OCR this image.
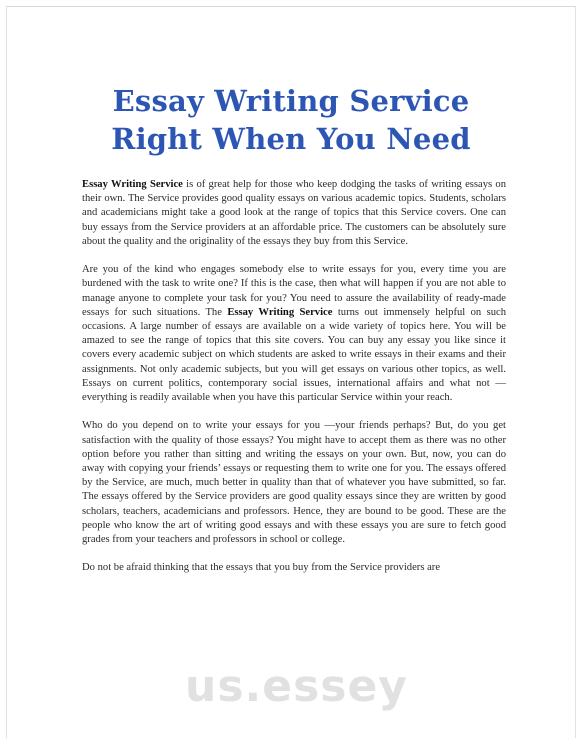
Essay Writing Service
Right When You Need

Essay Writing Service is of great help for those who keep dodging the tasks of writing essays on their own. The Service provides good quality essays on various academic topics. Students, scholars and academicians might take a good look at the range of topics that this Service covers. One can buy essays from the Service providers at an affordable price. The customers can be absolutely sure about the quality and the originality of the essays they buy from this Service.

Are you of the kind who engages somebody else to write essays for you, every time you are burdened with the task to write one? If this is the case, then what will happen if you are not able to manage anyone to complete your task for you? You need to assure the availability of ready-made essays for such situations. The Essay Writing Service turns out immensely helpful on such occasions. A large number of essays are available on a wide variety of topics here. You will be amazed to see the range of topics that this site covers. You can buy any essay you like since it covers every academic subject on which students are asked to write essays in their exams and their assignments. Not only academic subjects, but you will get essays on various other topics, as well. Essays on current politics, contemporary social issues, international affairs and what not — everything is readily available when you have this particular Service within your reach.

Who do you depend on to write your essays for you —your friends perhaps? But, do you get satisfaction with the quality of those essays? You might have to accept them as there was no other option before you rather than sitting and writing the essays on your own. But, now, you can do away with copying your friends’ essays or requesting them to write one for you. The essays offered by the Service, are much, much better in quality than that of whatever you have submitted, so far. The essays offered by the Service providers are good quality essays since they are written by good scholars, teachers, academicians and professors. Hence, they are bound to be good. These are the people who know the art of writing good essays and with these essays you are sure to fetch good grades from your teachers and professors in school or college.

Do not be afraid thinking that the essays that you buy from the Service providers are

us.essey
